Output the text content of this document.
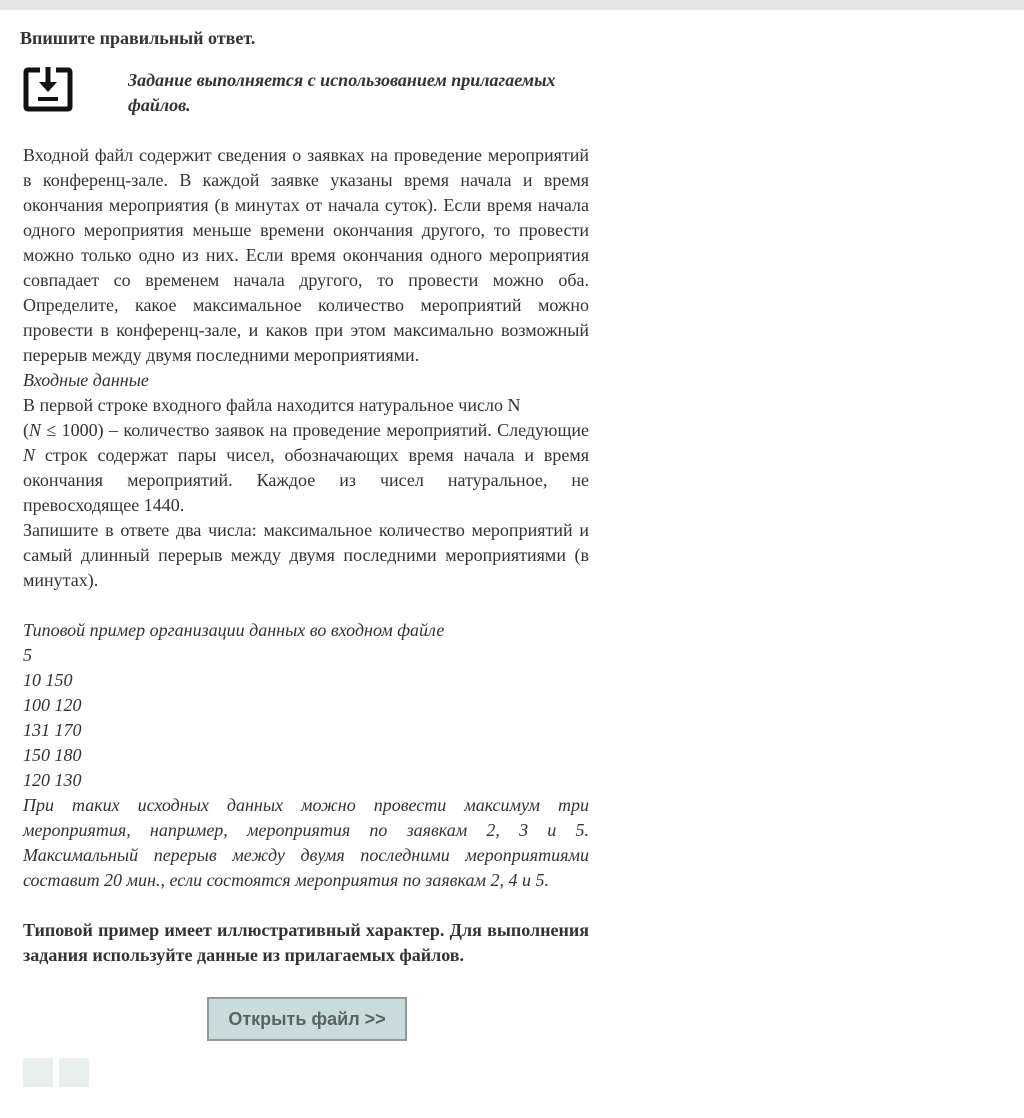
Впишите правильный ответ.
Задание выполняется с использованием прилагаемых файлов.

Входной файл содержит сведения о заявках на проведение мероприятий в конференц-зале. В каждой заявке указаны время начала и время окончания мероприятия (в минутах от начала суток). Если время начала одного мероприятия меньше времени окончания другого, то провести можно только одно из них. Если время окончания одного мероприятия совпадает со временем начала другого, то провести можно оба. Определите, какое максимальное количество мероприятий можно провести в конференц-зале, и каков при этом максимально возможный перерыв между двумя последними мероприятиями.

Входные данные

В первой строке входного файла находится натуральное число N

(N ≤ 1000) – количество заявок на проведение мероприятий. Следующие N строк содержат пары чисел, обозначающих время начала и время окончания мероприятий. Каждое из чисел натуральное, не превосходящее 1440.

Запишите в ответе два числа: максимальное количество мероприятий и самый длинный перерыв между двумя последними мероприятиями (в минутах).

Типовой пример организации данных во входном файле

5

10 150

100 120

131 170

150 180

120 130

При таких исходных данных можно провести максимум три мероприятия, например, мероприятия по заявкам 2, 3 и 5. Максимальный перерыв между двумя последними мероприятиями составит 20 мин., если состоятся мероприятия по заявкам 2, 4 и 5.

Типовой пример имеет иллюстративный характер. Для выполнения задания используйте данные из прилагаемых файлов.

Открыть файл >>
